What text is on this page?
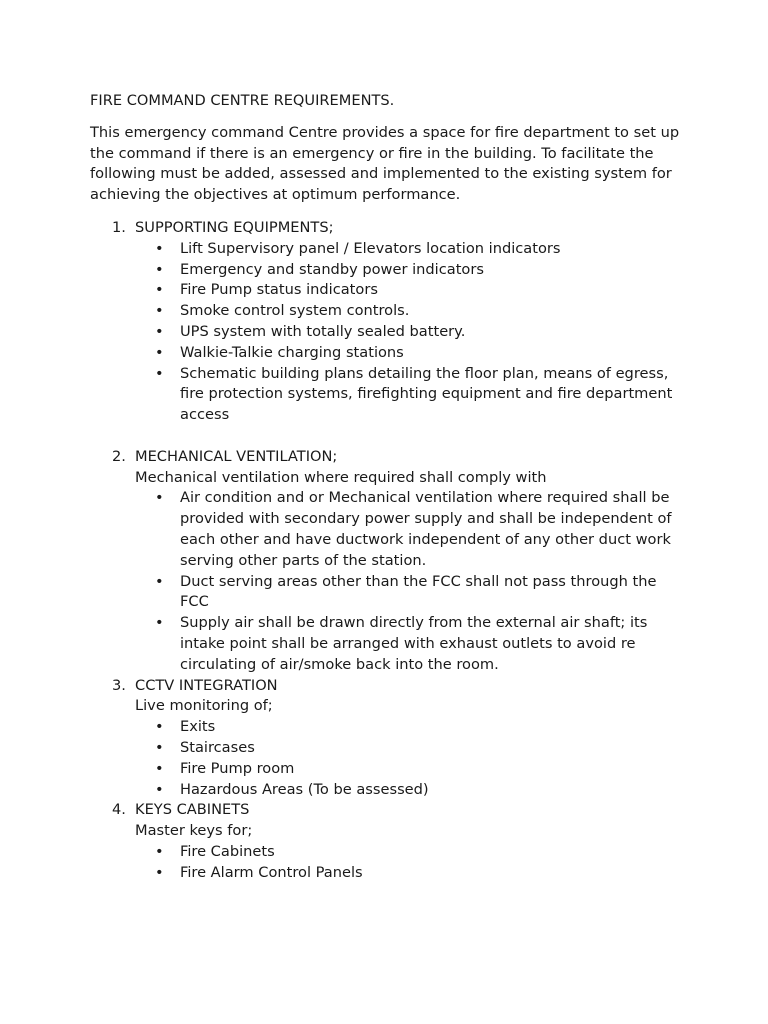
FIRE COMMAND CENTRE REQUIREMENTS.
This emergency command Centre provides a space for fire department to set up the command if there is an emergency or fire in the building. To facilitate the following must be added, assessed and implemented to the existing system for achieving the objectives at optimum performance.
1. SUPPORTING EQUIPMENTS;
• Lift Supervisory panel / Elevators location indicators
• Emergency and standby power indicators
• Fire Pump status indicators
• Smoke control system controls.
• UPS system with totally sealed battery.
• Walkie-Talkie charging stations
• Schematic building plans detailing the floor plan, means of egress, fire protection systems, firefighting equipment and fire department access
2. MECHANICAL VENTILATION;
Mechanical ventilation where required shall comply with
• Air condition and or Mechanical ventilation where required shall be provided with secondary power supply and shall be independent of each other and have ductwork independent of any other duct work serving other parts of the station.
• Duct serving areas other than the FCC shall not pass through the FCC
• Supply air shall be drawn directly from the external air shaft; its intake point shall be arranged with exhaust outlets to avoid re circulating of air/smoke back into the room.
3. CCTV INTEGRATION
Live monitoring of;
• Exits
• Staircases
• Fire Pump room
• Hazardous Areas (To be assessed)
4. KEYS CABINETS
Master keys for;
• Fire Cabinets
• Fire Alarm Control Panels
